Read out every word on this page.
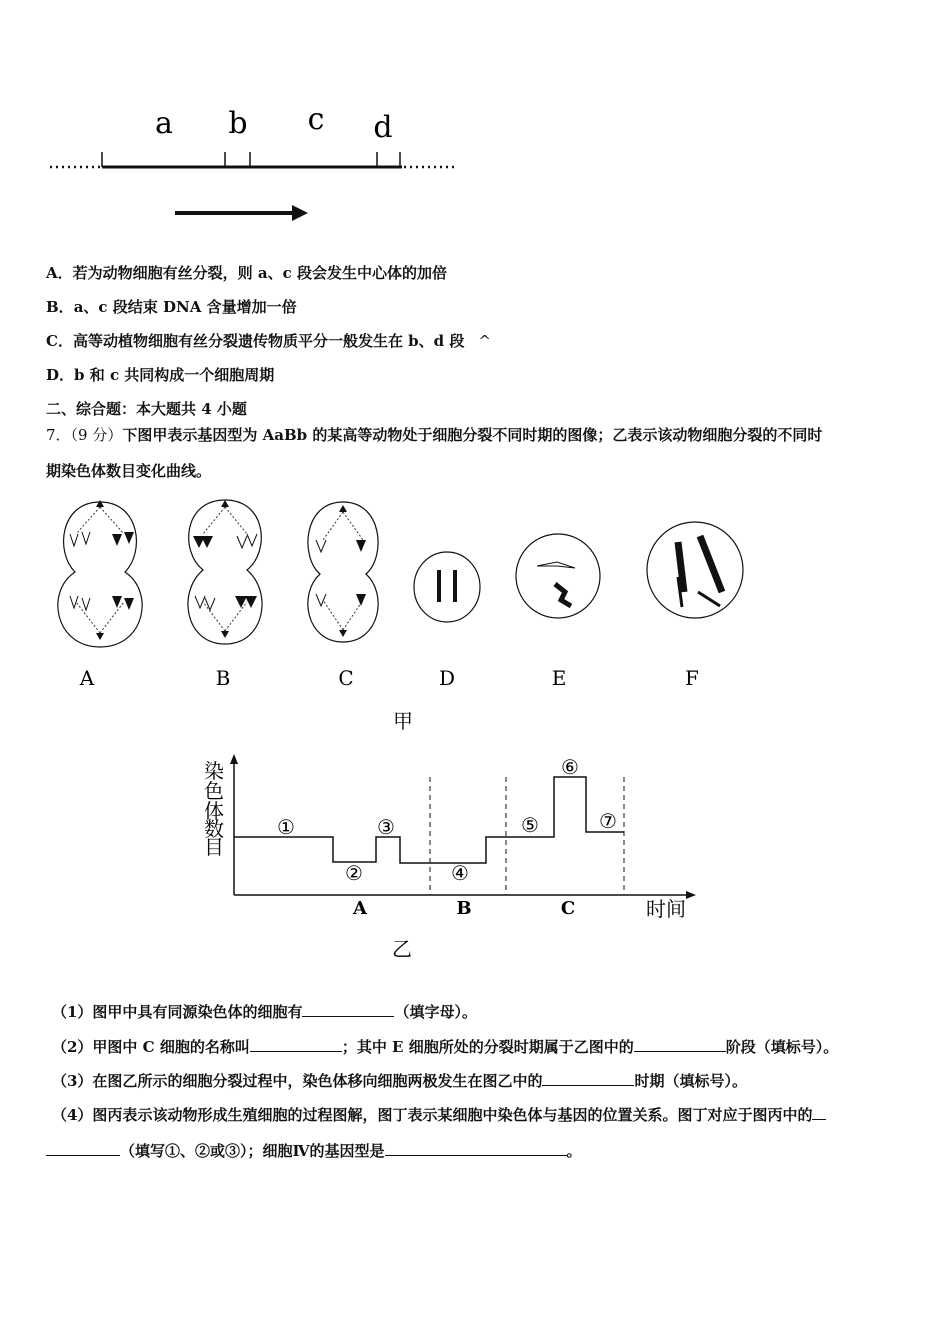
a b c d
A．若为动物细胞有丝分裂，则 a、c 段会发生中心体的加倍
B．a、c 段结束 DNA 含量增加一倍
C．高等动植物细胞有丝分裂遗传物质平分一般发生在 b、d 段 ^
D．b 和 c 共同构成一个细胞周期
二、综合题：本大题共 4 小题
7．（9 分）下图甲表示基因型为 AaBb 的某高等动物处于细胞分裂不同时期的图像；乙表示该动物细胞分裂的不同时
期染色体数目变化曲线。
A	B	C	D	E	F
甲
染
色
体
数
目
①
②
③
④
⑤
⑥
⑦
A	B	C	时间
乙
（1）图甲中具有同源染色体的细胞有	（填字母）。
（2）甲图中 C 细胞的名称叫	；其中 E 细胞所处的分裂时期属于乙图中的	阶段（填标号）。
（3）在图乙所示的细胞分裂过程中，染色体移向细胞两极发生在图乙中的	时期（填标号）。
（4）图丙表示该动物形成生殖细胞的过程图解，图丁表示某细胞中染色体与基因的位置关系。图丁对应于图丙中的
（填写①、②或③）；细胞Ⅳ的基因型是	。
